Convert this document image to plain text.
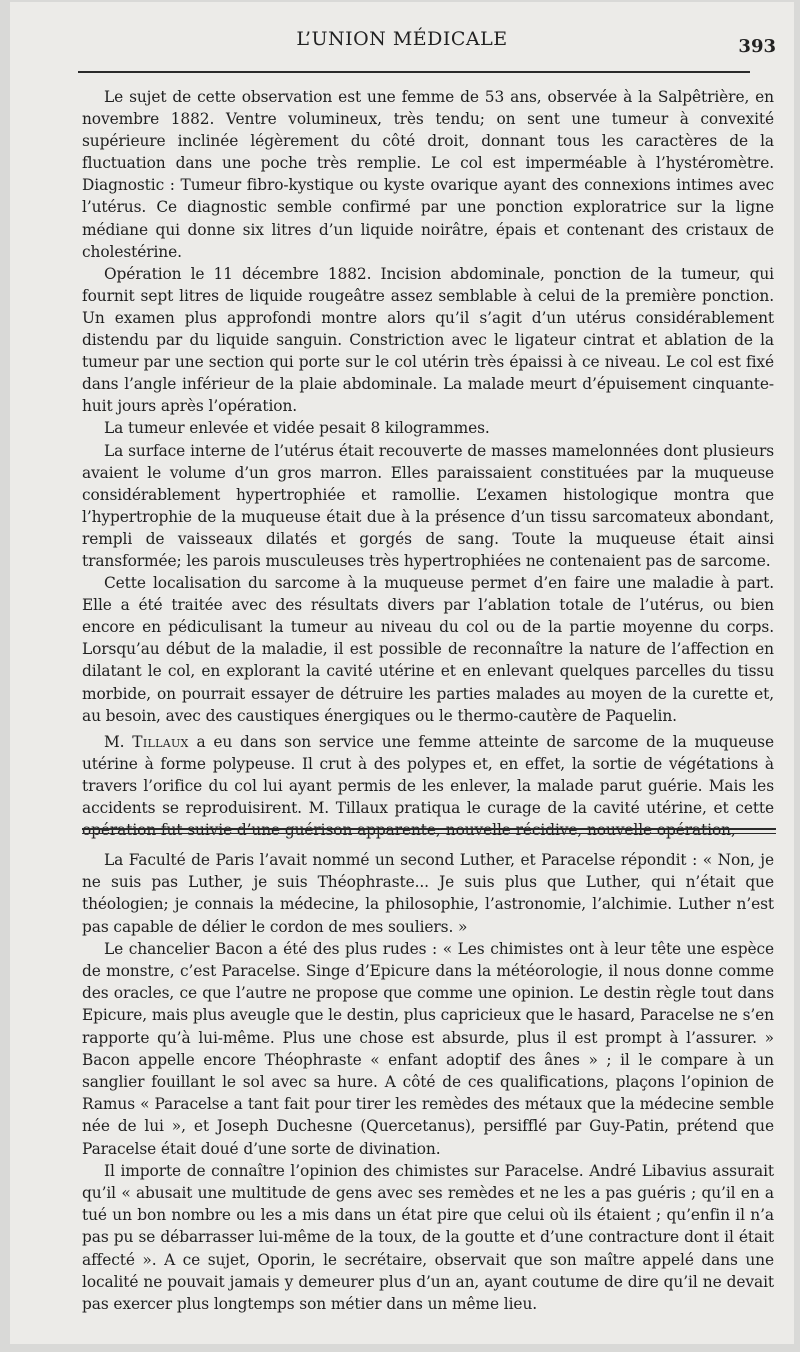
L’UNION MÉDICALE	393

Le sujet de cette observation est une femme de 53 ans, observée à la Salpêtrière, en novembre 1882. Ventre volumineux, très tendu; on sent une tumeur à convexité supérieure inclinée légèrement du côté droit, donnant tous les caractères de la fluctuation dans une poche très remplie. Le col est imperméable à l’hystéromètre. Diagnostic : Tumeur fibro-kystique ou kyste ovarique ayant des connexions intimes avec l’utérus. Ce diagnostic semble confirmé par une ponction exploratrice sur la ligne médiane qui donne six litres d’un liquide noirâtre, épais et contenant des cristaux de cholestérine.

Opération le 11 décembre 1882. Incision abdominale, ponction de la tumeur, qui fournit sept litres de liquide rougeâtre assez semblable à celui de la première ponction. Un examen plus approfondi montre alors qu’il s’agit d’un utérus considérablement distendu par du liquide sanguin. Constriction avec le ligateur cintrat et ablation de la tumeur par une section qui porte sur le col utérin très épaissi à ce niveau. Le col est fixé dans l’angle inférieur de la plaie abdominale. La malade meurt d’épuisement cinquante-huit jours après l’opération.

La tumeur enlevée et vidée pesait 8 kilogrammes.

La surface interne de l’utérus était recouverte de masses mamelonnées dont plusieurs avaient le volume d’un gros marron. Elles paraissaient constituées par la muqueuse considérablement hypertrophiée et ramollie. L’examen histologique montra que l’hypertrophie de la muqueuse était due à la présence d’un tissu sarcomateux abondant, rempli de vaisseaux dilatés et gorgés de sang. Toute la muqueuse était ainsi transformée; les parois musculeuses très hypertrophiées ne contenaient pas de sarcome.

Cette localisation du sarcome à la muqueuse permet d’en faire une maladie à part. Elle a été traitée avec des résultats divers par l’ablation totale de l’utérus, ou bien encore en pédiculisant la tumeur au niveau du col ou de la partie moyenne du corps. Lorsqu’au début de la maladie, il est possible de reconnaître la nature de l’affection en dilatant le col, en explorant la cavité utérine et en enlevant quelques parcelles du tissu morbide, on pourrait essayer de détruire les parties malades au moyen de la curette et, au besoin, avec des caustiques énergiques ou le thermo-cautère de Paquelin.

M. Tillaux a eu dans son service une femme atteinte de sarcome de la muqueuse utérine à forme polypeuse. Il crut à des polypes et, en effet, la sortie de végétations à travers l’orifice du col lui ayant permis de les enlever, la malade parut guérie. Mais les accidents se reproduisirent. M. Tillaux pratiqua le curage de la cavité utérine, et cette opération fut suivie d’une guérison apparente; nouvelle récidive, nouvelle opération,

La Faculté de Paris l’avait nommé un second Luther, et Paracelse répondit : « Non, je ne suis pas Luther, je suis Théophraste... Je suis plus que Luther, qui n’était que théologien; je connais la médecine, la philosophie, l’astronomie, l’alchimie. Luther n’est pas capable de délier le cordon de mes souliers. »

Le chancelier Bacon a été des plus rudes : « Les chimistes ont à leur tête une espèce de monstre, c’est Paracelse. Singe d’Epicure dans la météorologie, il nous donne comme des oracles, ce que l’autre ne propose que comme une opinion. Le destin règle tout dans Epicure, mais plus aveugle que le destin, plus capricieux que le hasard, Paracelse ne s’en rapporte qu’à lui-même. Plus une chose est absurde, plus il est prompt à l’assurer. » Bacon appelle encore Théophraste « enfant adoptif des ânes » ; il le compare à un sanglier fouillant le sol avec sa hure. A côté de ces qualifications, plaçons l’opinion de Ramus « Paracelse a tant fait pour tirer les remèdes des métaux que la médecine semble née de lui », et Joseph Duchesne (Quercetanus), persifflé par Guy-Patin, prétend que Paracelse était doué d’une sorte de divination.

Il importe de connaître l’opinion des chimistes sur Paracelse. André Libavius assurait qu’il « abusait une multitude de gens avec ses remèdes et ne les a pas guéris ; qu’il en a tué un bon nombre ou les a mis dans un état pire que celui où ils étaient ; qu’enfin il n’a pas pu se débarrasser lui-même de la toux, de la goutte et d’une contracture dont il était affecté ». A ce sujet, Oporin, le secrétaire, observait que son maître appelé dans une localité ne pouvait jamais y demeurer plus d’un an, ayant coutume de dire qu’il ne devait pas exercer plus longtemps son métier dans un même lieu.
